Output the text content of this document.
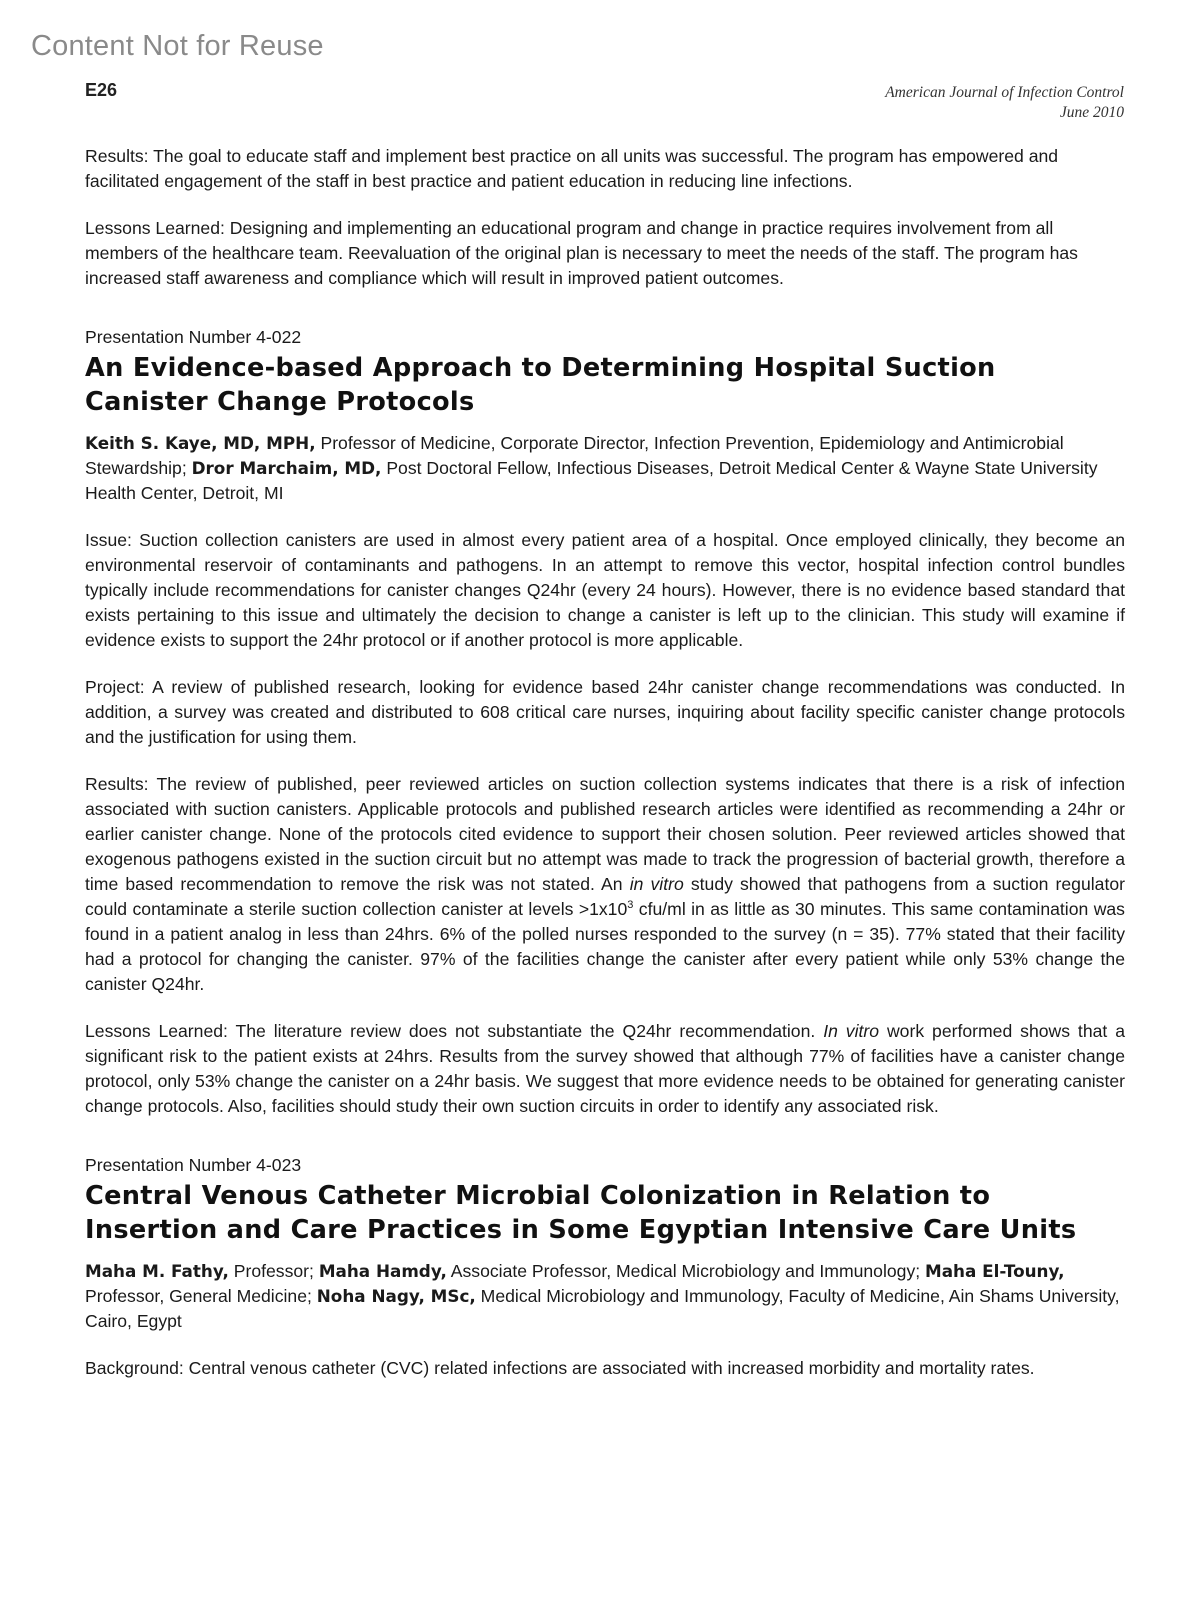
Content Not for Reuse
E26	American Journal of Infection Control
June 2010

Results: The goal to educate staff and implement best practice on all units was successful. The program has empowered and facilitated engagement of the staff in best practice and patient education in reducing line infections.

Lessons Learned: Designing and implementing an educational program and change in practice requires involvement from all members of the healthcare team. Reevaluation of the original plan is necessary to meet the needs of the staff. The program has increased staff awareness and compliance which will result in improved patient outcomes.

Presentation Number 4-022
An Evidence-based Approach to Determining Hospital Suction Canister Change Protocols

Keith S. Kaye, MD, MPH, Professor of Medicine, Corporate Director, Infection Prevention, Epidemiology and Antimicrobial Stewardship; Dror Marchaim, MD, Post Doctoral Fellow, Infectious Diseases, Detroit Medical Center & Wayne State University Health Center, Detroit, MI

Issue: Suction collection canisters are used in almost every patient area of a hospital. Once employed clinically, they become an environmental reservoir of contaminants and pathogens. In an attempt to remove this vector, hospital infection control bundles typically include recommendations for canister changes Q24hr (every 24 hours). However, there is no evidence based standard that exists pertaining to this issue and ultimately the decision to change a canister is left up to the clinician. This study will examine if evidence exists to support the 24hr protocol or if another protocol is more applicable.

Project: A review of published research, looking for evidence based 24hr canister change recommendations was conducted. In addition, a survey was created and distributed to 608 critical care nurses, inquiring about facility specific canister change protocols and the justification for using them.

Results: The review of published, peer reviewed articles on suction collection systems indicates that there is a risk of infection associated with suction canisters. Applicable protocols and published research articles were identified as recommending a 24hr or earlier canister change. None of the protocols cited evidence to support their chosen solution. Peer reviewed articles showed that exogenous pathogens existed in the suction circuit but no attempt was made to track the progression of bacterial growth, therefore a time based recommendation to remove the risk was not stated. An in vitro study showed that pathogens from a suction regulator could contaminate a sterile suction collection canister at levels $>1x10^3$ cfu/ml in as little as 30 minutes. This same contamination was found in a patient analog in less than 24hrs. 6% of the polled nurses responded to the survey (n = 35). 77% stated that their facility had a protocol for changing the canister. 97% of the facilities change the canister after every patient while only 53% change the canister Q24hr.

Lessons Learned: The literature review does not substantiate the Q24hr recommendation. In vitro work performed shows that a significant risk to the patient exists at 24hrs. Results from the survey showed that although 77% of facilities have a canister change protocol, only 53% change the canister on a 24hr basis. We suggest that more evidence needs to be obtained for generating canister change protocols. Also, facilities should study their own suction circuits in order to identify any associated risk.

Presentation Number 4-023
Central Venous Catheter Microbial Colonization in Relation to Insertion and Care Practices in Some Egyptian Intensive Care Units

Maha M. Fathy, Professor; Maha Hamdy, Associate Professor, Medical Microbiology and Immunology; Maha El-Touny, Professor, General Medicine; Noha Nagy, MSc, Medical Microbiology and Immunology, Faculty of Medicine, Ain Shams University, Cairo, Egypt

Background: Central venous catheter (CVC) related infections are associated with increased morbidity and mortality rates.
